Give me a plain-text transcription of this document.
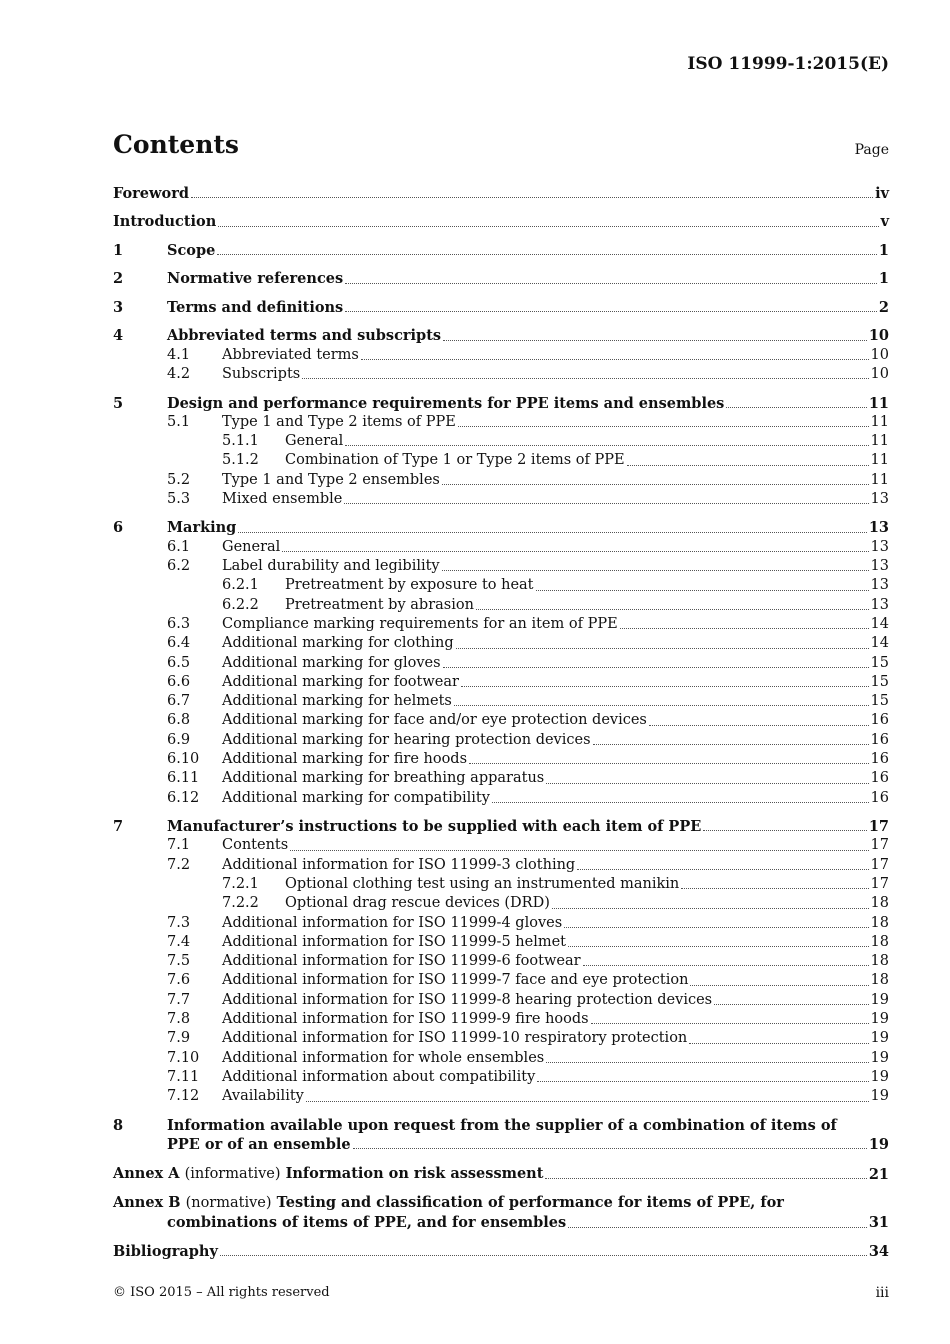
ISO 11999-1:2015(E)
Contents	Page
Foreword	iv
Introduction	v
1	Scope	1
2	Normative references	1
3	Terms and definitions	2
4	Abbreviated terms and subscripts	10
4.1 Abbreviated terms	10
4.2 Subscripts	10
5	Design and performance requirements for PPE items and ensembles	11
5.1 Type 1 and Type 2 items of PPE	11
5.1.1 General	11
5.1.2 Combination of Type 1 or Type 2 items of PPE	11
5.2 Type 1 and Type 2 ensembles	11
5.3 Mixed ensemble	13
6	Marking	13
6.1 General	13
6.2 Label durability and legibility	13
6.2.1 Pretreatment by exposure to heat	13
6.2.2 Pretreatment by abrasion	13
6.3 Compliance marking requirements for an item of PPE	14
6.4 Additional marking for clothing	14
6.5 Additional marking for gloves	15
6.6 Additional marking for footwear	15
6.7 Additional marking for helmets	15
6.8 Additional marking for face and/or eye protection devices	16
6.9 Additional marking for hearing protection devices	16
6.10 Additional marking for fire hoods	16
6.11 Additional marking for breathing apparatus	16
6.12 Additional marking for compatibility	16
7	Manufacturer’s instructions to be supplied with each item of PPE	17
7.1 Contents	17
7.2 Additional information for ISO 11999-3 clothing	17
7.2.1 Optional clothing test using an instrumented manikin	17
7.2.2 Optional drag rescue devices (DRD)	18
7.3 Additional information for ISO 11999-4 gloves	18
7.4 Additional information for ISO 11999-5 helmet	18
7.5 Additional information for ISO 11999-6 footwear	18
7.6 Additional information for ISO 11999-7 face and eye protection	18
7.7 Additional information for ISO 11999-8 hearing protection devices	19
7.8 Additional information for ISO 11999-9 fire hoods	19
7.9 Additional information for ISO 11999-10 respiratory protection	19
7.10 Additional information for whole ensembles	19
7.11 Additional information about compatibility	19
7.12 Availability	19
8	Information available upon request from the supplier of a combination of items of
PPE or of an ensemble	19
Annex A (informative) Information on risk assessment	21
Annex B (normative) Testing and classification of performance for items of PPE, for
combinations of items of PPE, and for ensembles	31
Bibliography	34
© ISO 2015 – All rights reserved	iii
